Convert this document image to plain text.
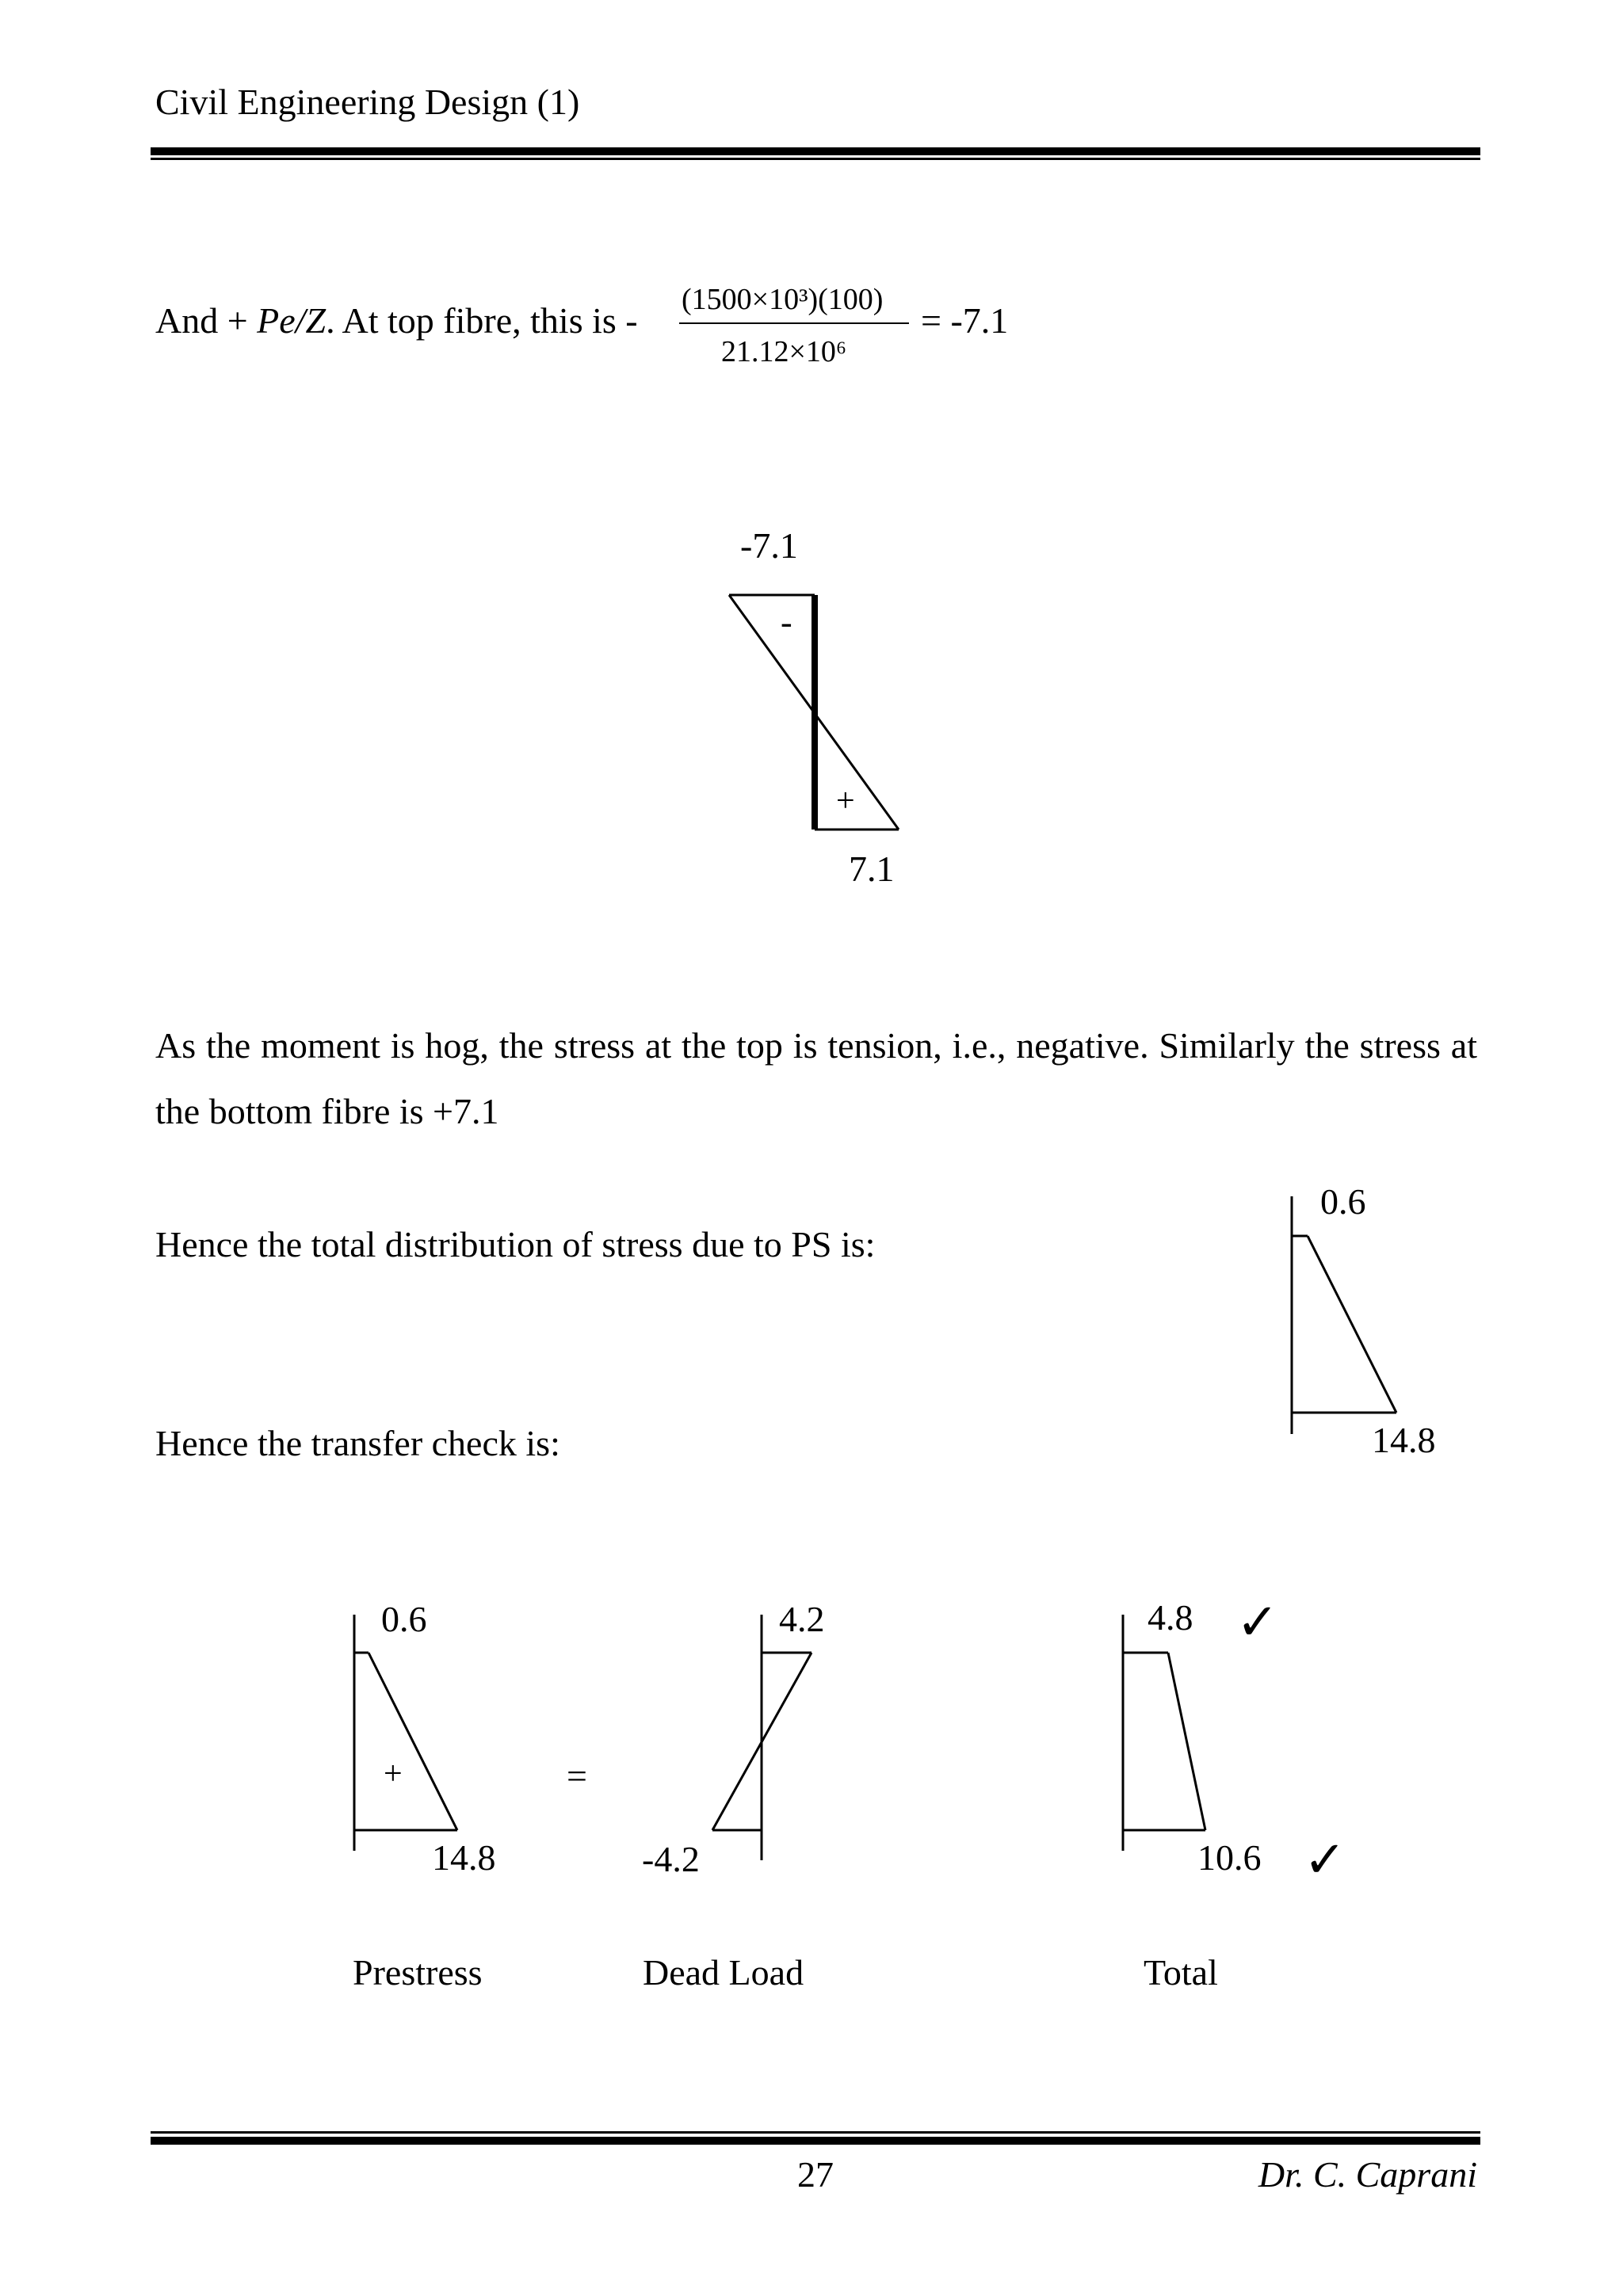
Civil Engineering Design (1)
And + Pe/Z. At top fibre, this is -
(1500×10³)(100)
21.12×10⁶
= -7.1
-7.1
7.1
As the moment is hog, the stress at the top is tension, i.e., negative. Similarly the stress at the bottom fibre is +7.1
Hence the total distribution of stress due to PS is:
0.6
14.8
Hence the transfer check is:
0.6
14.8
=
4.2
-4.2
4.8
10.6
✓
✓
Prestress	Dead Load	Total
-
+
+
27	Dr. C. Caprani
